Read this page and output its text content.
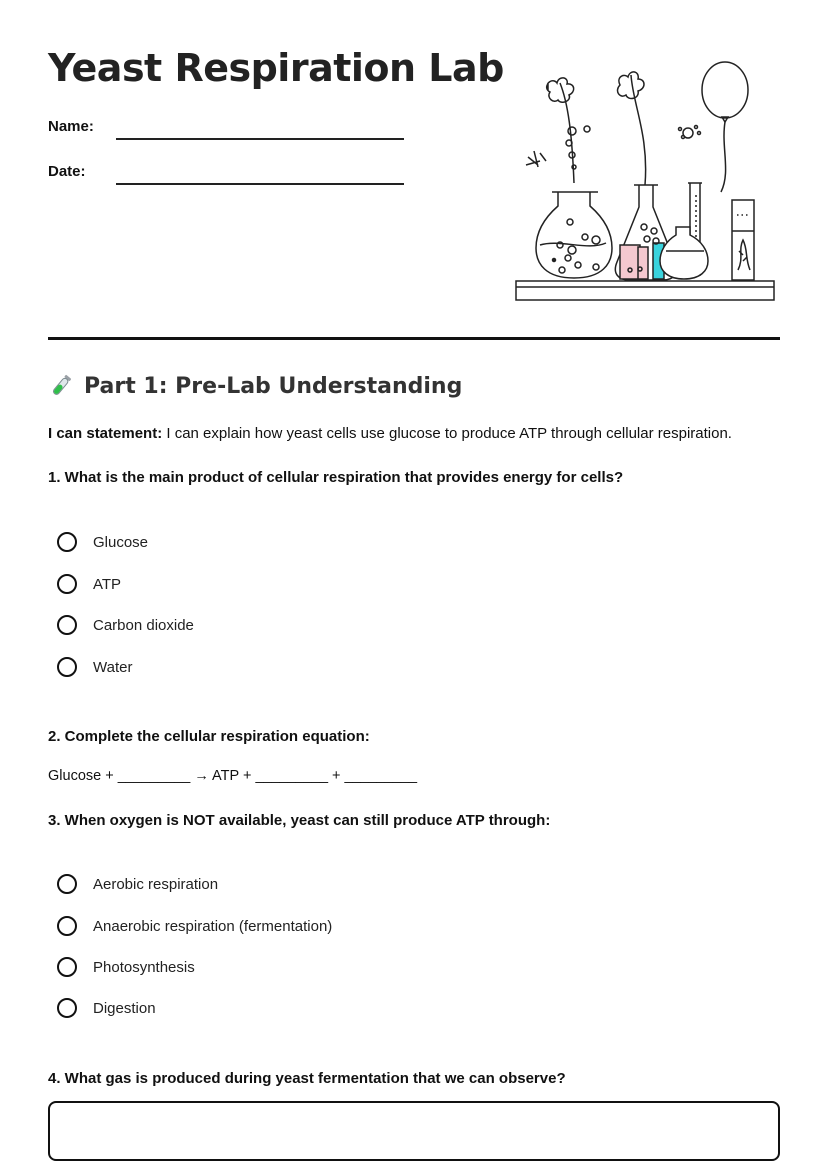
Yeast Respiration Lab
Name:
Date:
Part 1: Pre-Lab Understanding
I can statement: I can explain how yeast cells use glucose to produce ATP through cellular respiration.
1. What is the main product of cellular respiration that provides energy for cells?
Glucose
ATP
Carbon dioxide
Water
2. Complete the cellular respiration equation:
Glucose + _________ → ATP + _________ + _________
3. When oxygen is NOT available, yeast can still produce ATP through:
Aerobic respiration
Anaerobic respiration (fermentation)
Photosynthesis
Digestion
4. What gas is produced during yeast fermentation that we can observe?
